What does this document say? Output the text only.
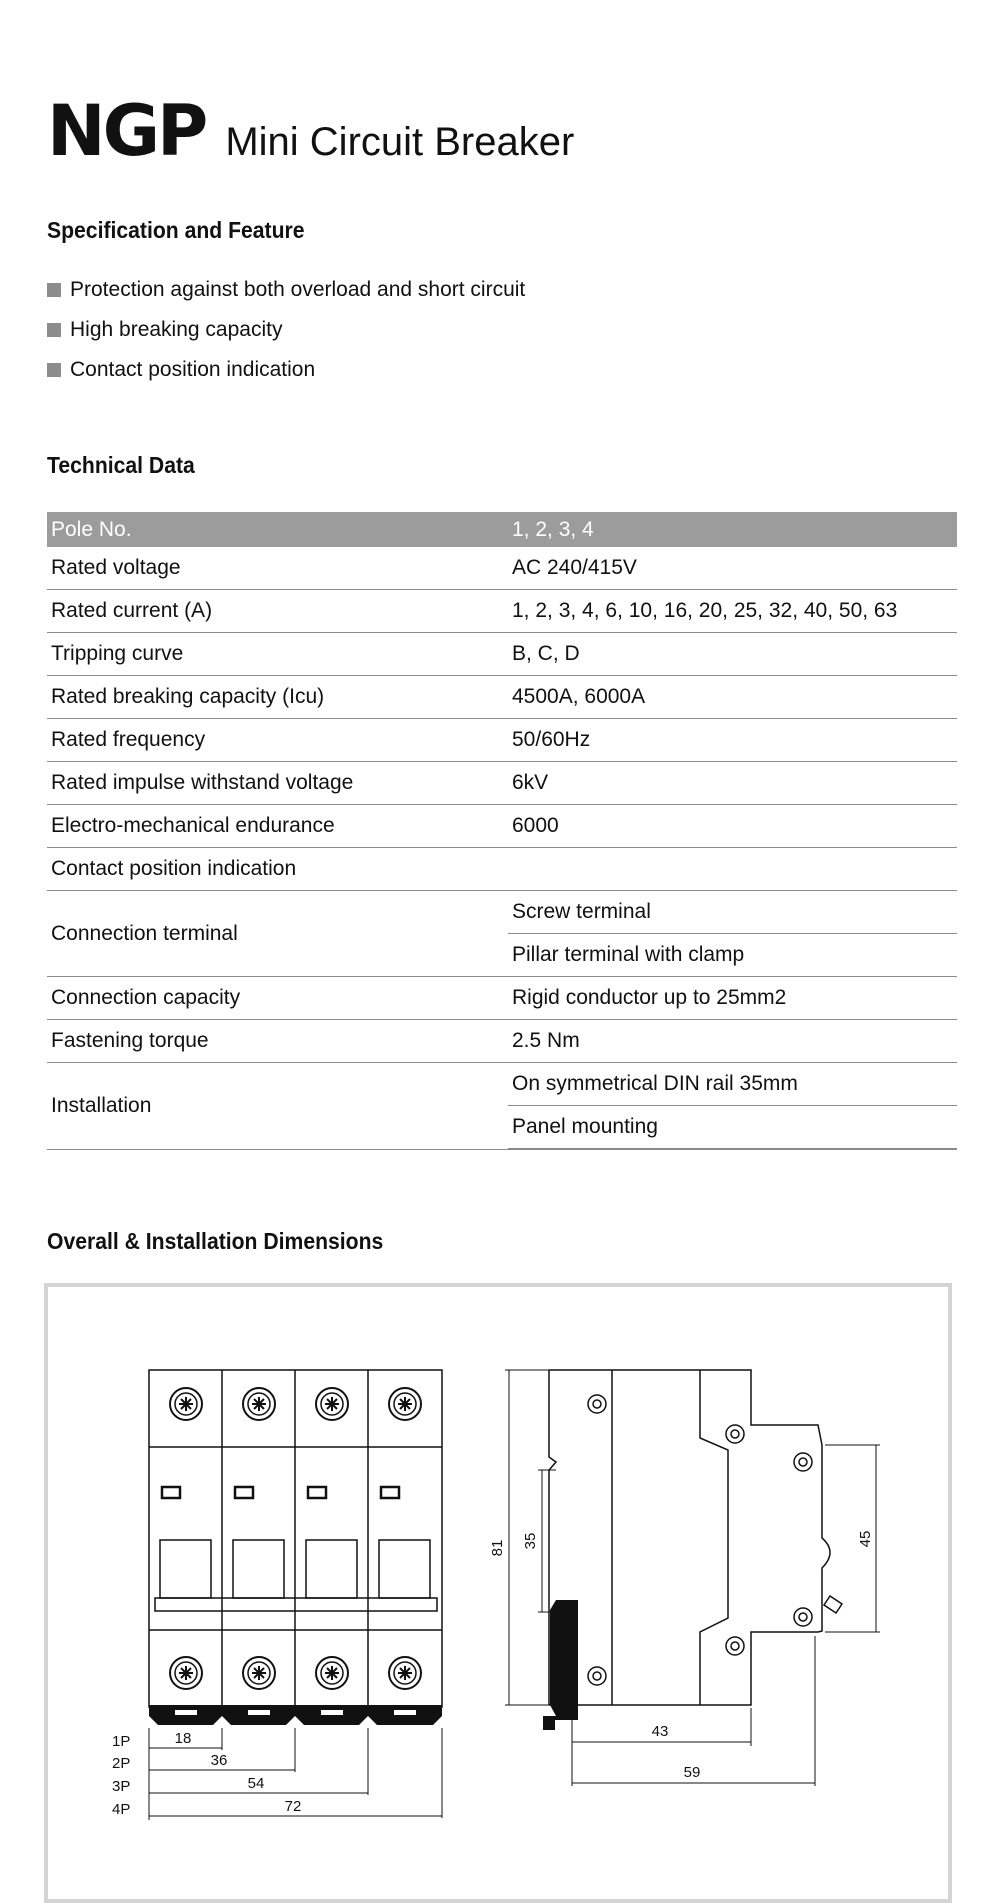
NGP Mini Circuit Breaker
Specification and Feature
Protection against both overload and short circuit
High breaking capacity
Contact position indication
Technical Data
Pole No.	1, 2, 3, 4
Rated voltage	AC 240/415V
Rated current (A)	1, 2, 3, 4, 6, 10, 16, 20, 25, 32, 40, 50, 63
Tripping curve	B, C, D
Rated breaking capacity (Icu)	4500A, 6000A
Rated frequency	50/60Hz
Rated impulse withstand voltage	6kV
Electro-mechanical endurance	6000
Contact position indication	
Connection terminal	Screw terminal
	Pillar terminal with clamp
Connection capacity	Rigid conductor up to 25mm2
Fastening torque	2.5 Nm
Installation	On symmetrical DIN rail 35mm
	Panel mounting
Overall & Installation Dimensions
1P
2P
3P
4P
18
36
54
72
81 35	45
43
59
